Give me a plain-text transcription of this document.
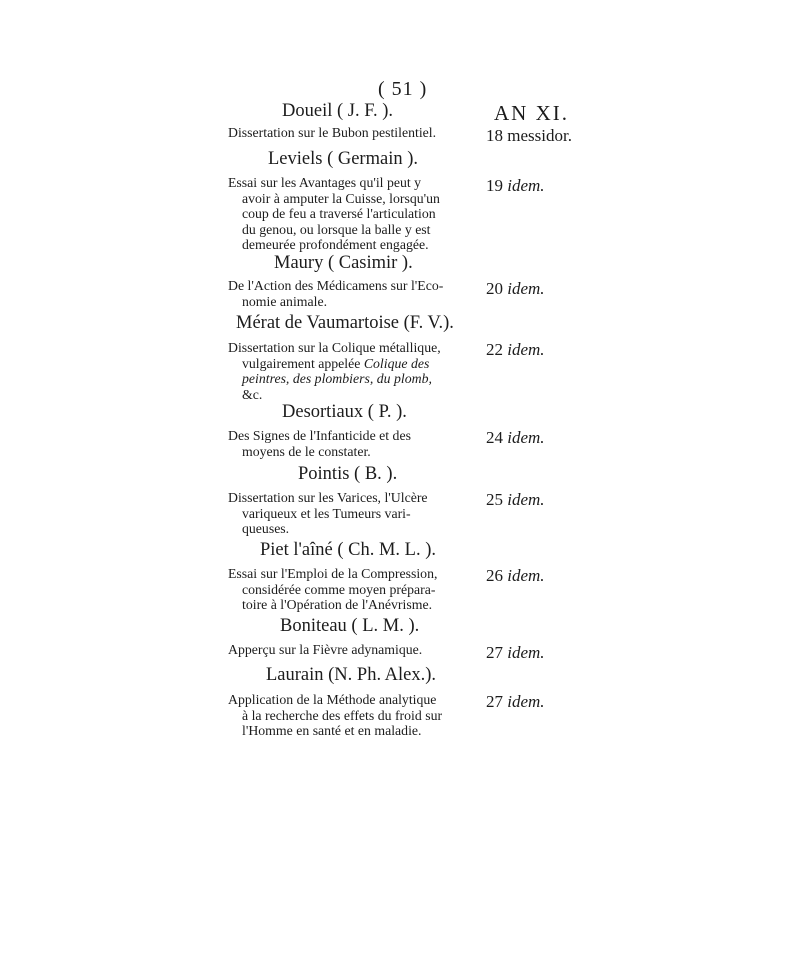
( 51 )
AN XI.
Doueil ( J. F. ).
Dissertation sur le Bubon pestilentiel.	18 messidor.
Leviels ( Germain ).
Essai sur les Avantages qu'il peut y
avoir à amputer la Cuisse, lorsqu'un
coup de feu a traversé l'articulation
du genou, ou lorsque la balle y est
demeurée profondément engagée.
19 idem.
Maury ( Casimir ).
De l'Action des Médicamens sur l'Eco-
nomie animale.
20 idem.
Mérat de Vaumartoise (F. V.).
Dissertation sur la Colique métallique,
vulgairement appelée Colique des
peintres, des plombiers, du plomb,
&c.
22 idem.
Desortiaux ( P. ).
Des Signes de l'Infanticide et des
moyens de le constater.
24 idem.
Pointis ( B. ).
Dissertation sur les Varices, l'Ulcère
variqueux et les Tumeurs vari-
queuses.
25 idem.
Piet l'aîné ( Ch. M. L. ).
Essai sur l'Emploi de la Compression,
considérée comme moyen prépara-
toire à l'Opération de l'Anévrisme.
26 idem.
Boniteau ( L. M. ).
Apperçu sur la Fièvre adynamique.	27 idem.
Laurain (N. Ph. Alex.).
Application de la Méthode analytique
à la recherche des effets du froid sur
l'Homme en santé et en maladie.
27 idem.
